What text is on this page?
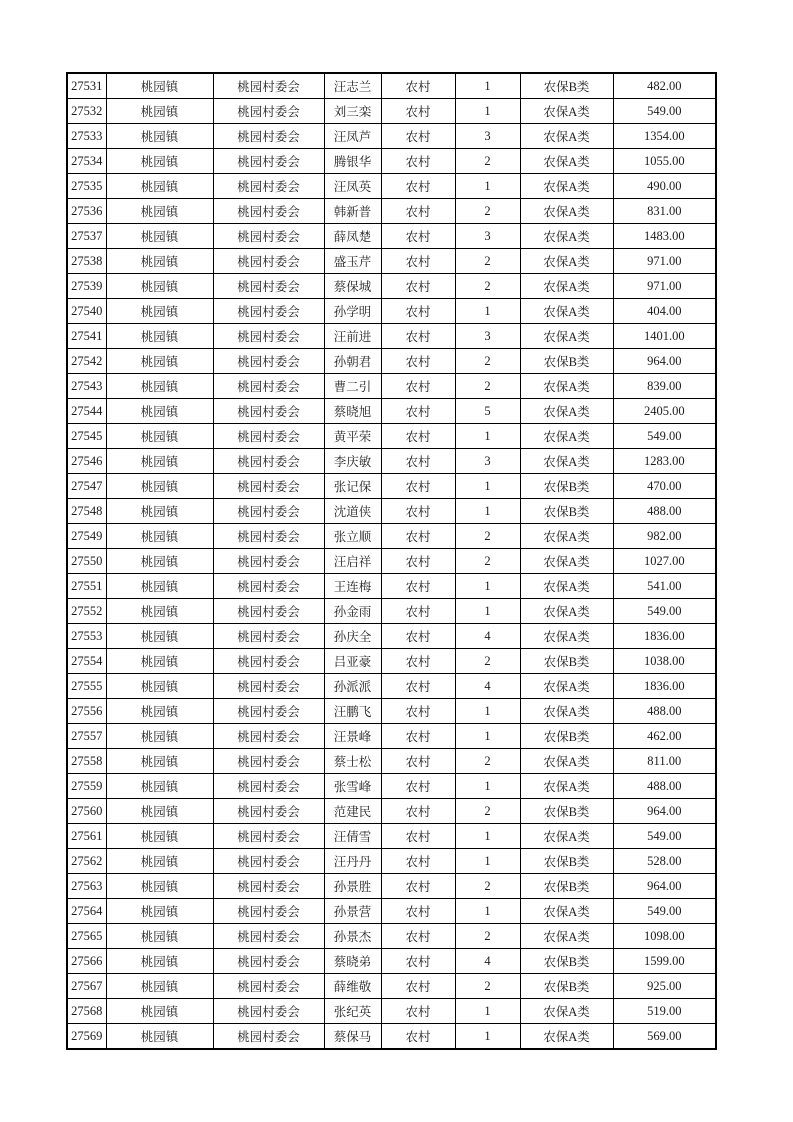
27531	桃园镇	桃园村委会	汪志兰	农村	1	农保B类	482.00
27532	桃园镇	桃园村委会	刘三栾	农村	1	农保A类	549.00
27533	桃园镇	桃园村委会	汪凤芦	农村	3	农保A类	1354.00
27534	桃园镇	桃园村委会	腾银华	农村	2	农保A类	1055.00
27535	桃园镇	桃园村委会	汪凤英	农村	1	农保A类	490.00
27536	桃园镇	桃园村委会	韩新普	农村	2	农保A类	831.00
27537	桃园镇	桃园村委会	薛凤楚	农村	3	农保A类	1483.00
27538	桃园镇	桃园村委会	盛玉芹	农村	2	农保A类	971.00
27539	桃园镇	桃园村委会	蔡保城	农村	2	农保A类	971.00
27540	桃园镇	桃园村委会	孙学明	农村	1	农保A类	404.00
27541	桃园镇	桃园村委会	汪前进	农村	3	农保A类	1401.00
27542	桃园镇	桃园村委会	孙朝君	农村	2	农保B类	964.00
27543	桃园镇	桃园村委会	曹二引	农村	2	农保A类	839.00
27544	桃园镇	桃园村委会	蔡晓旭	农村	5	农保A类	2405.00
27545	桃园镇	桃园村委会	黄平荣	农村	1	农保A类	549.00
27546	桃园镇	桃园村委会	李庆敏	农村	3	农保A类	1283.00
27547	桃园镇	桃园村委会	张记保	农村	1	农保B类	470.00
27548	桃园镇	桃园村委会	沈道侠	农村	1	农保B类	488.00
27549	桃园镇	桃园村委会	张立顺	农村	2	农保A类	982.00
27550	桃园镇	桃园村委会	汪启祥	农村	2	农保A类	1027.00
27551	桃园镇	桃园村委会	王连梅	农村	1	农保A类	541.00
27552	桃园镇	桃园村委会	孙金雨	农村	1	农保A类	549.00
27553	桃园镇	桃园村委会	孙庆全	农村	4	农保A类	1836.00
27554	桃园镇	桃园村委会	吕亚豪	农村	2	农保B类	1038.00
27555	桃园镇	桃园村委会	孙派派	农村	4	农保A类	1836.00
27556	桃园镇	桃园村委会	汪鹏飞	农村	1	农保A类	488.00
27557	桃园镇	桃园村委会	汪景峰	农村	1	农保B类	462.00
27558	桃园镇	桃园村委会	蔡士松	农村	2	农保A类	811.00
27559	桃园镇	桃园村委会	张雪峰	农村	1	农保A类	488.00
27560	桃园镇	桃园村委会	范建民	农村	2	农保B类	964.00
27561	桃园镇	桃园村委会	汪倩雪	农村	1	农保A类	549.00
27562	桃园镇	桃园村委会	汪丹丹	农村	1	农保B类	528.00
27563	桃园镇	桃园村委会	孙景胜	农村	2	农保B类	964.00
27564	桃园镇	桃园村委会	孙景营	农村	1	农保A类	549.00
27565	桃园镇	桃园村委会	孙景杰	农村	2	农保A类	1098.00
27566	桃园镇	桃园村委会	蔡晓弟	农村	4	农保B类	1599.00
27567	桃园镇	桃园村委会	薛维敬	农村	2	农保B类	925.00
27568	桃园镇	桃园村委会	张纪英	农村	1	农保A类	519.00
27569	桃园镇	桃园村委会	蔡保马	农村	1	农保A类	569.00
